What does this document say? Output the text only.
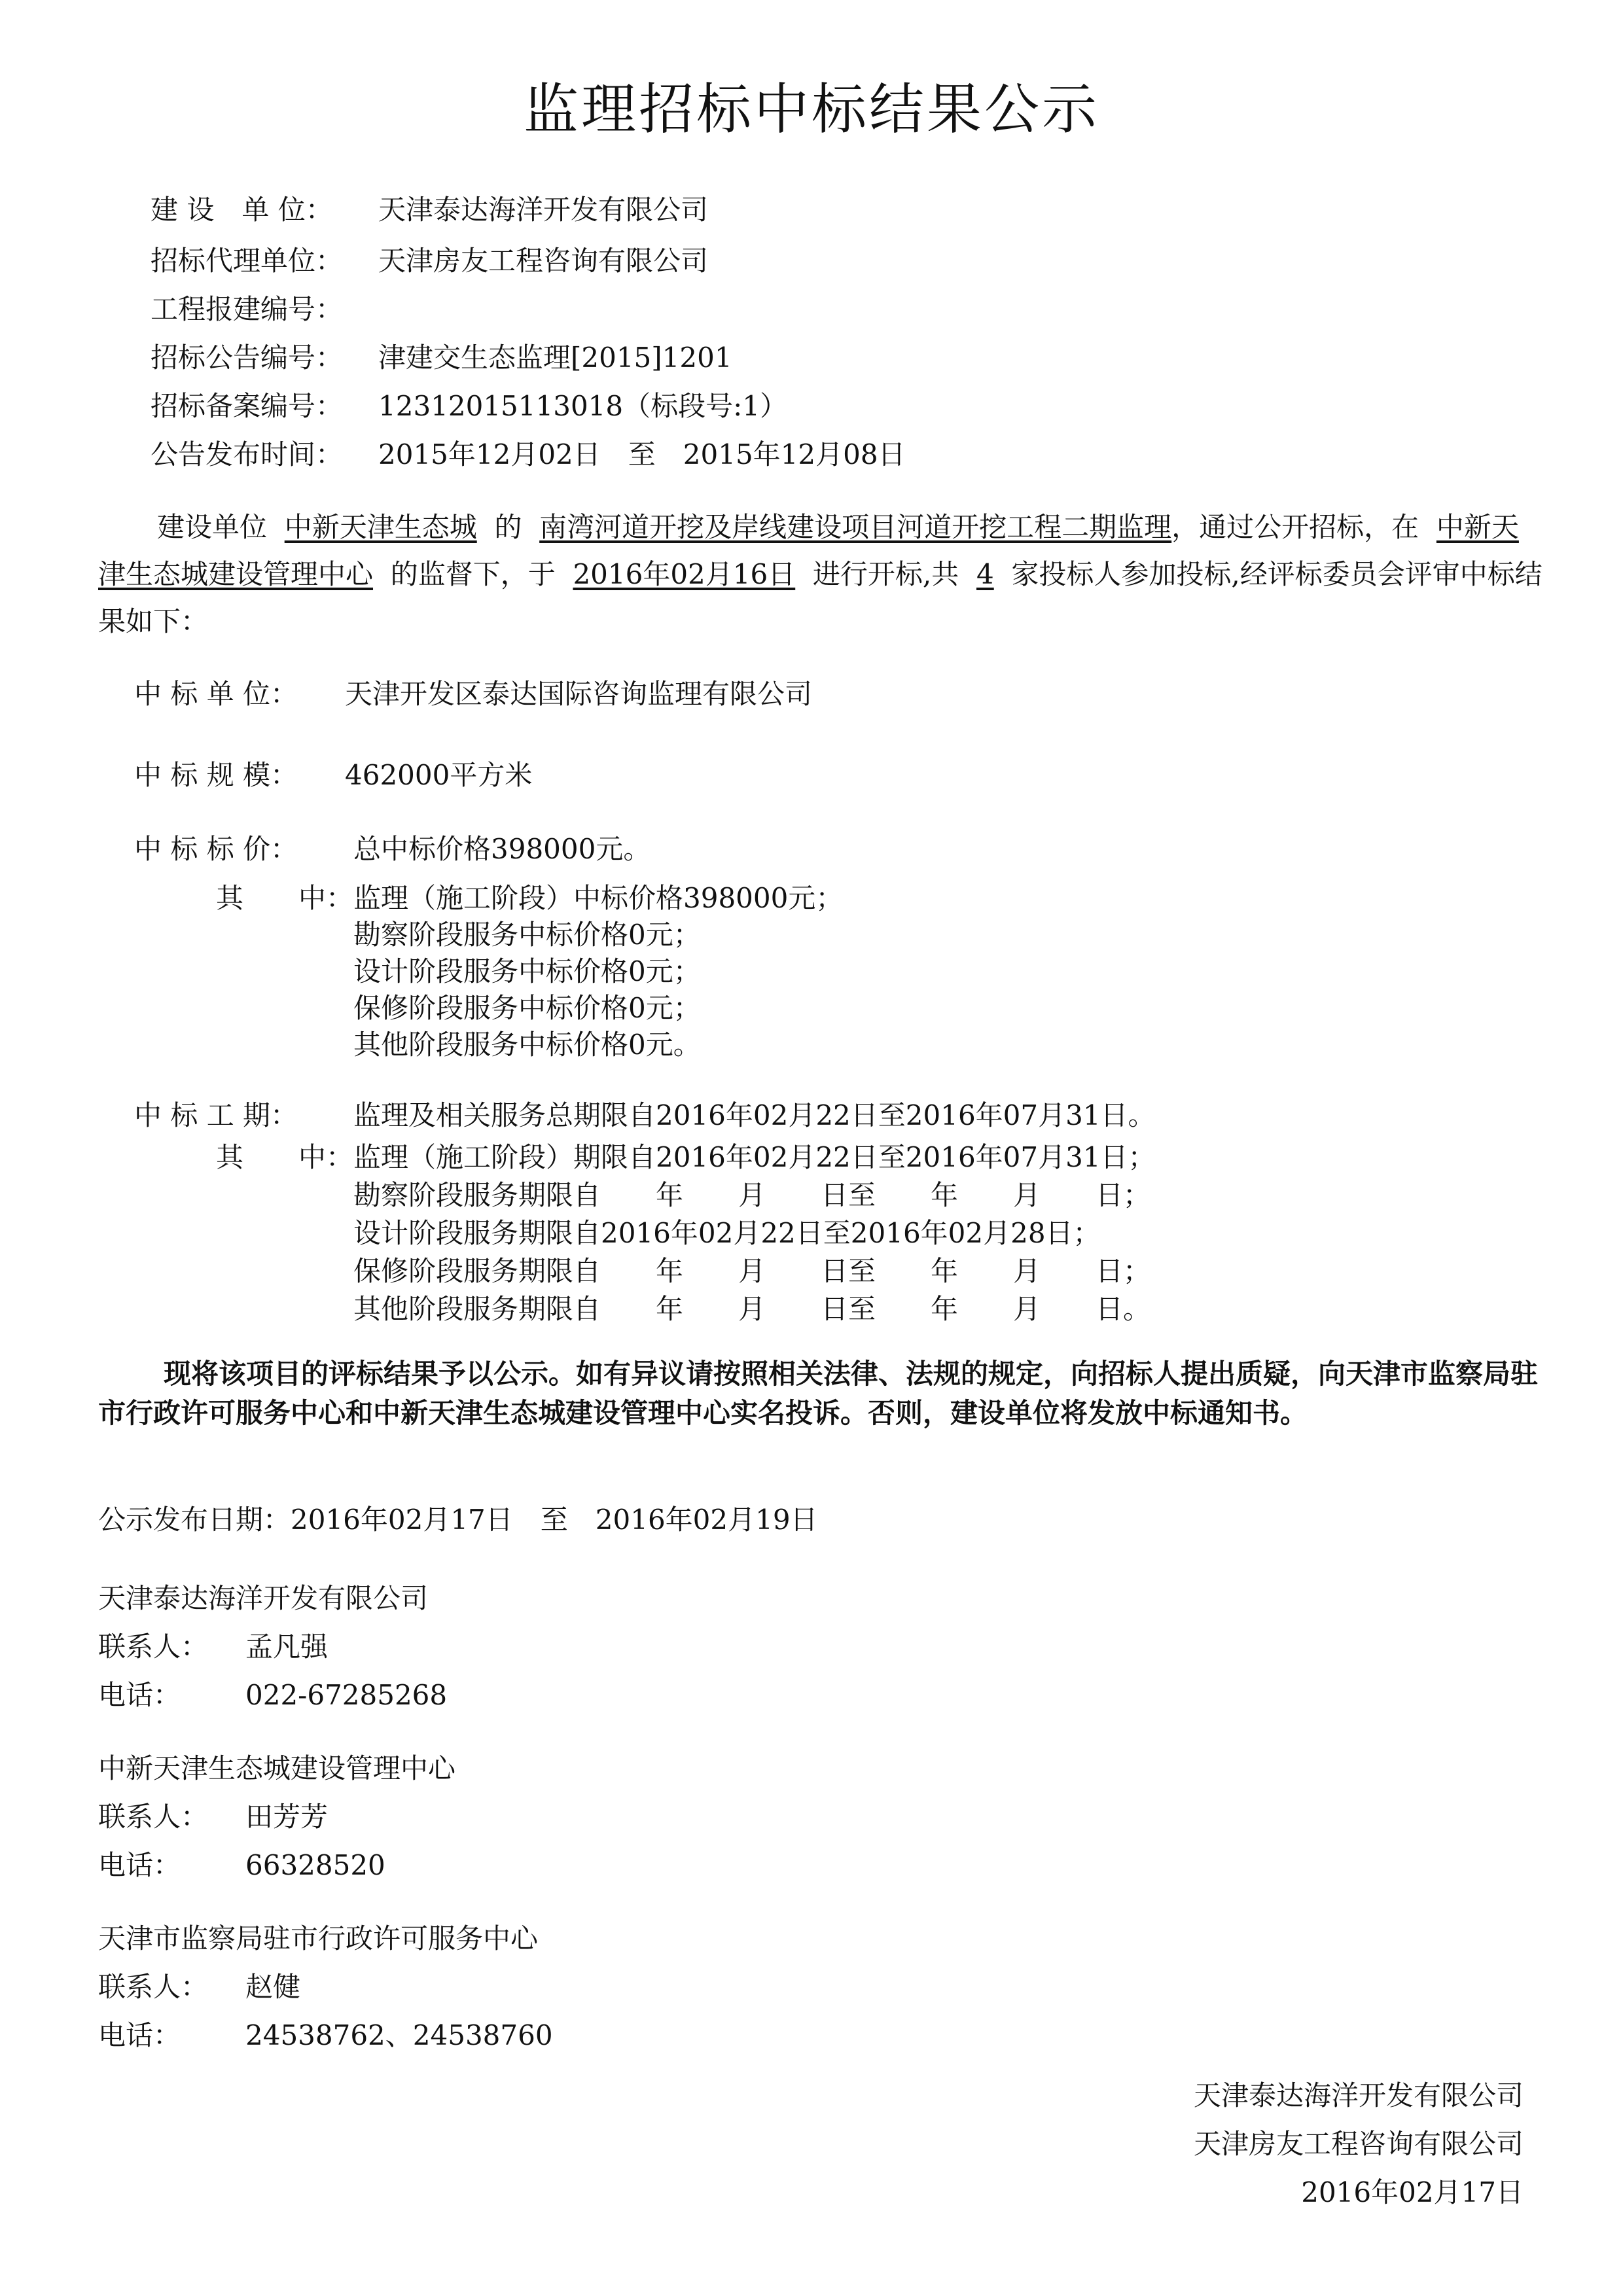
监理招标中标结果公示
建 设　单 位： 天津泰达海洋开发有限公司
招标代理单位： 天津房友工程咨询有限公司
工程报建编号：
招标公告编号： 津建交生态监理[2015]1201
招标备案编号： 12312015113018（标段号:1）
公告发布时间： 2015年12月02日　至　2015年12月08日
建设单位 中新天津生态城 的 南湾河道开挖及岸线建设项目河道开挖工程二期监理，通过公开招标，在 中新天津生态城建设管理中心 的监督下，于 2016年02月16日 进行开标,共 4 家投标人参加投标,经评标委员会评审中标结果如下：
中 标 单 位： 天津开发区泰达国际咨询监理有限公司
中 标 规 模： 462000平方米
中 标 标 价： 总中标价格398000元。
其　　中： 监理（施工阶段）中标价格398000元；
勘察阶段服务中标价格0元；
设计阶段服务中标价格0元；
保修阶段服务中标价格0元；
其他阶段服务中标价格0元。
中 标 工 期： 监理及相关服务总期限自2016年02月22日至2016年07月31日。
其　　中： 监理（施工阶段）期限自2016年02月22日至2016年07月31日；
勘察阶段服务期限自　　年　　月　　日至　　年　　月　　日；
设计阶段服务期限自2016年02月22日至2016年02月28日；
保修阶段服务期限自　　年　　月　　日至　　年　　月　　日；
其他阶段服务期限自　　年　　月　　日至　　年　　月　　日。
现将该项目的评标结果予以公示。如有异议请按照相关法律、法规的规定，向招标人提出质疑，向天津市监察局驻市行政许可服务中心和中新天津生态城建设管理中心实名投诉。否则，建设单位将发放中标通知书。
公示发布日期：2016年02月17日　至　2016年02月19日
天津泰达海洋开发有限公司
联系人： 孟凡强
电话： 022-67285268
中新天津生态城建设管理中心
联系人： 田芳芳
电话： 66328520
天津市监察局驻市行政许可服务中心
联系人： 赵健
电话： 24538762、24538760
天津泰达海洋开发有限公司
天津房友工程咨询有限公司
2016年02月17日
